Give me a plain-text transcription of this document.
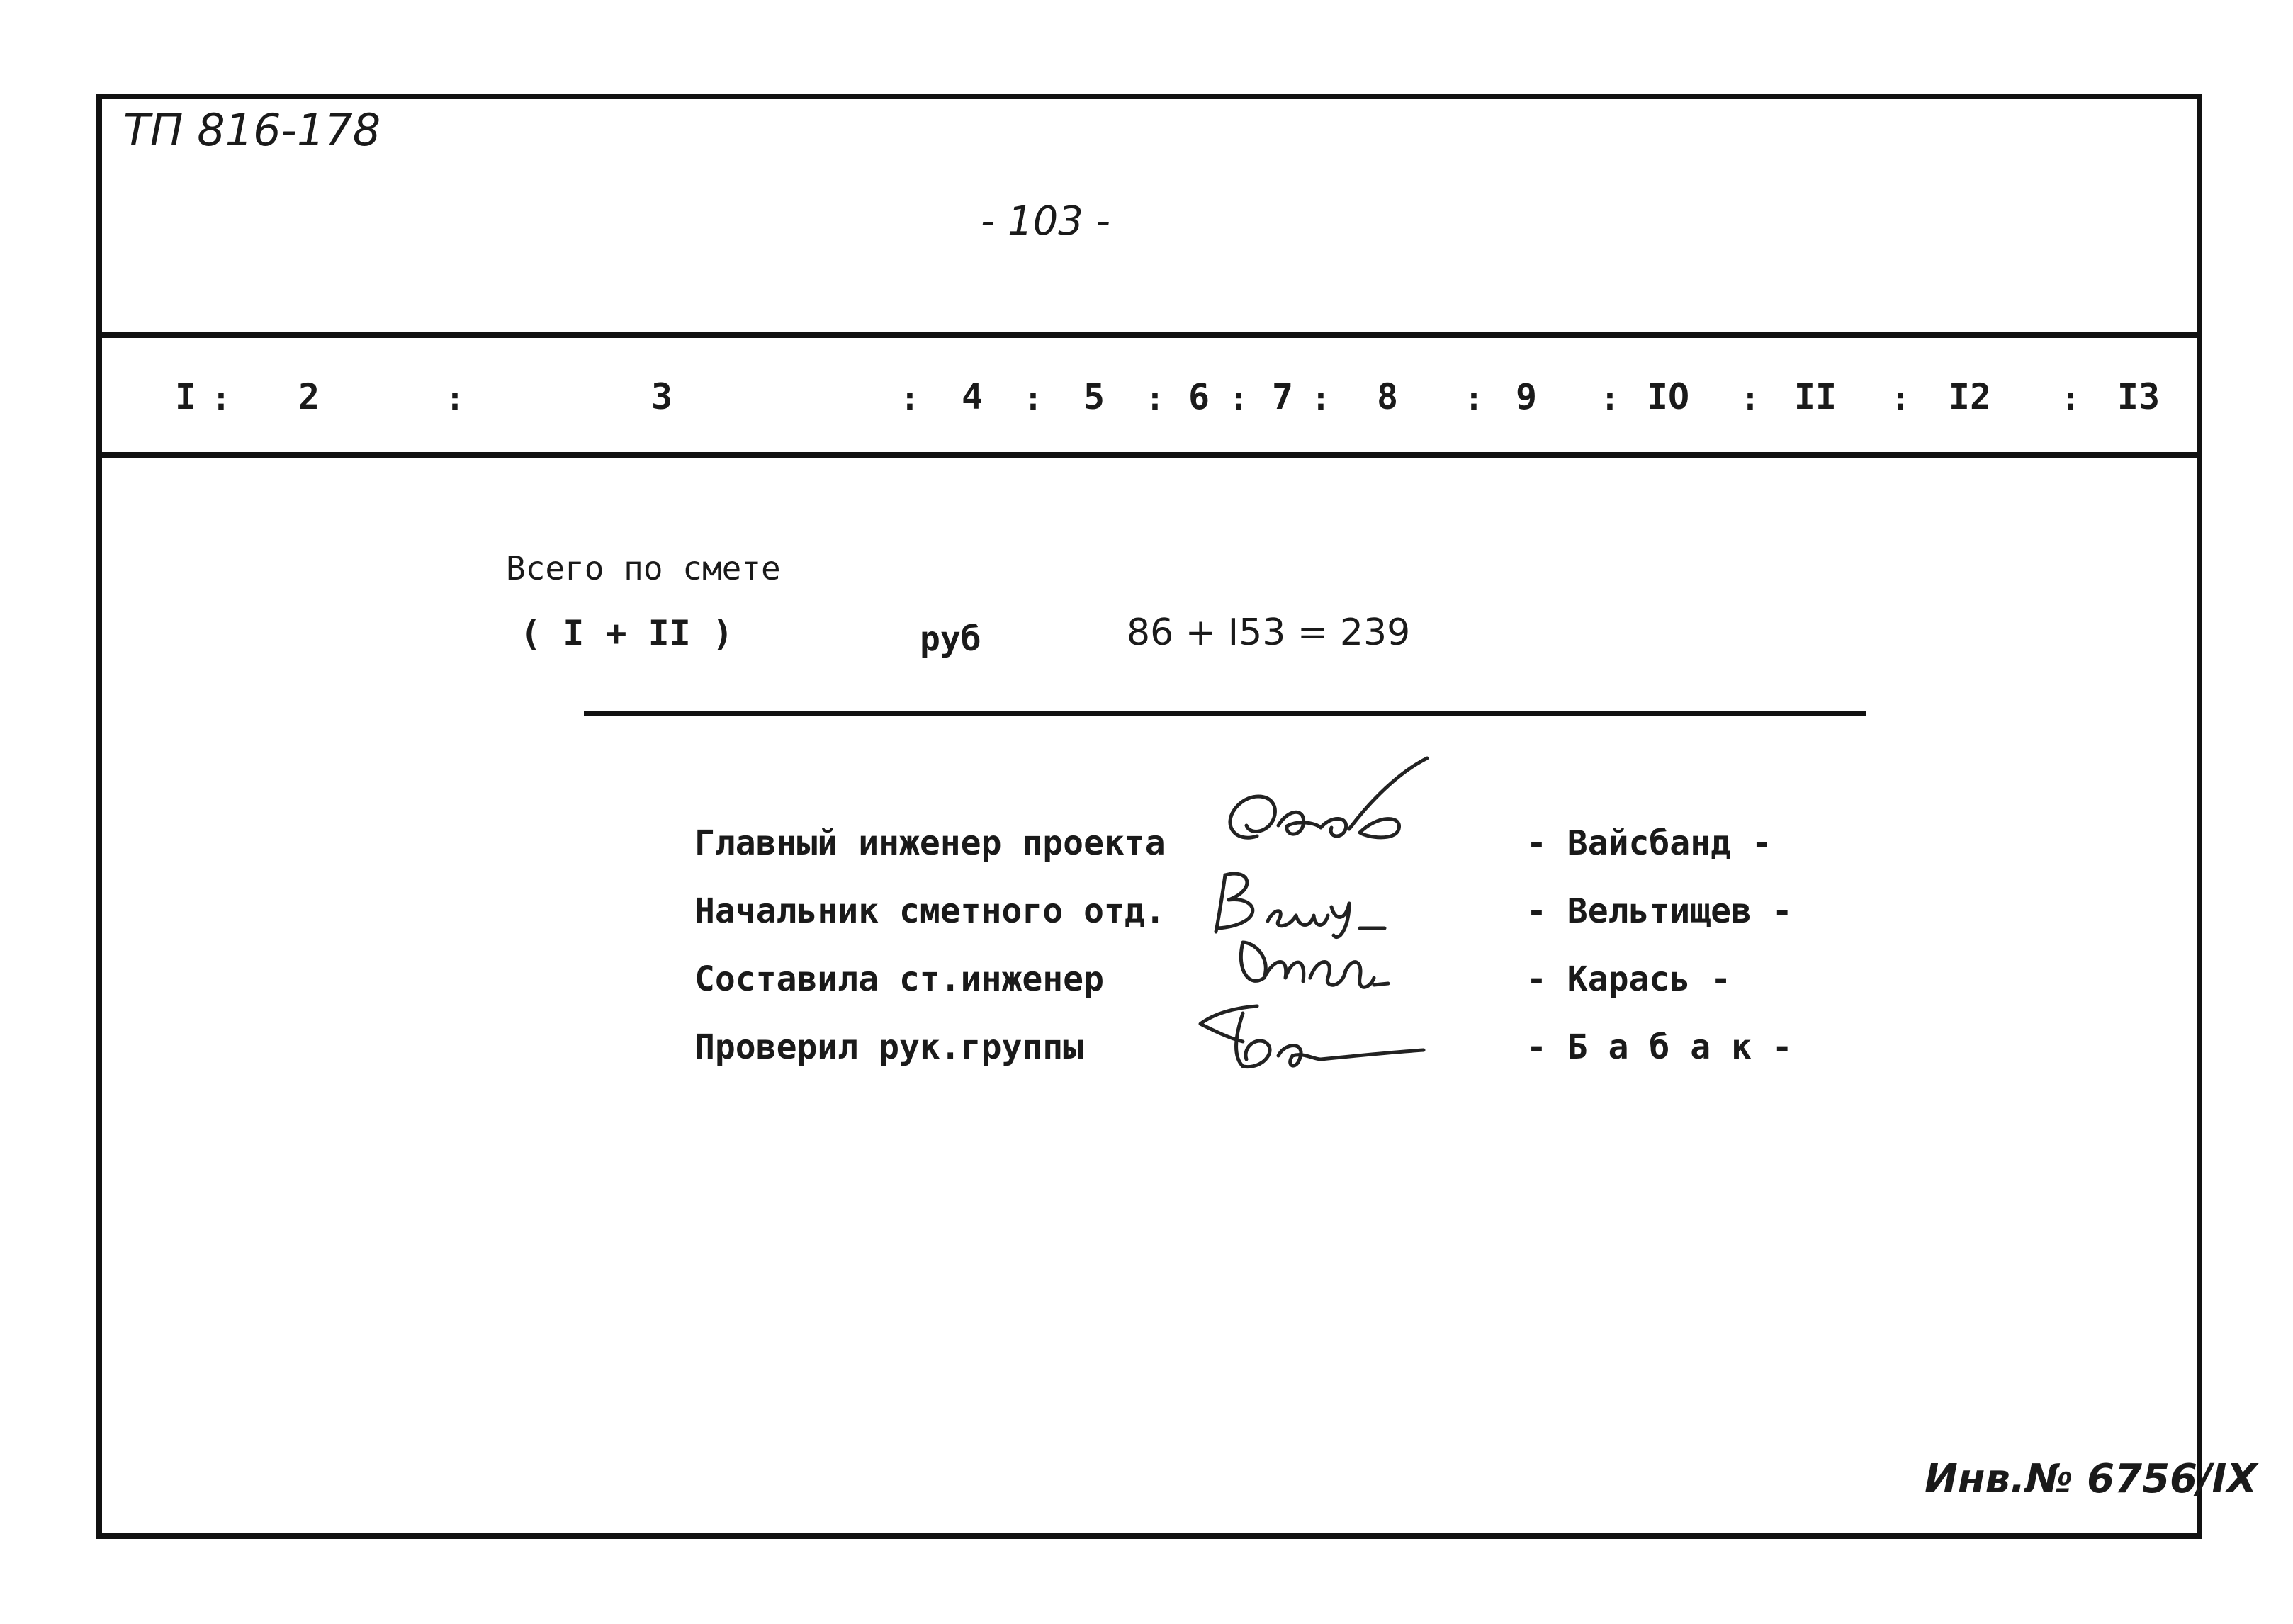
ТП 816-178
- 103 -
I : 2	:	3	: 4 : 5 : 6 : 7 : 8 : 9 : IO : II : I2 : I3
Всего по смете
( I + II )	руб	86 + I53 = 239
Главный инженер проекта	- Вайсбанд -
Начальник сметного отд.	- Вельтищев -
Составила ст.инженер	- Карась -
Проверил рук.группы	- Б а б а к -
Инв.№ 6756/IX
